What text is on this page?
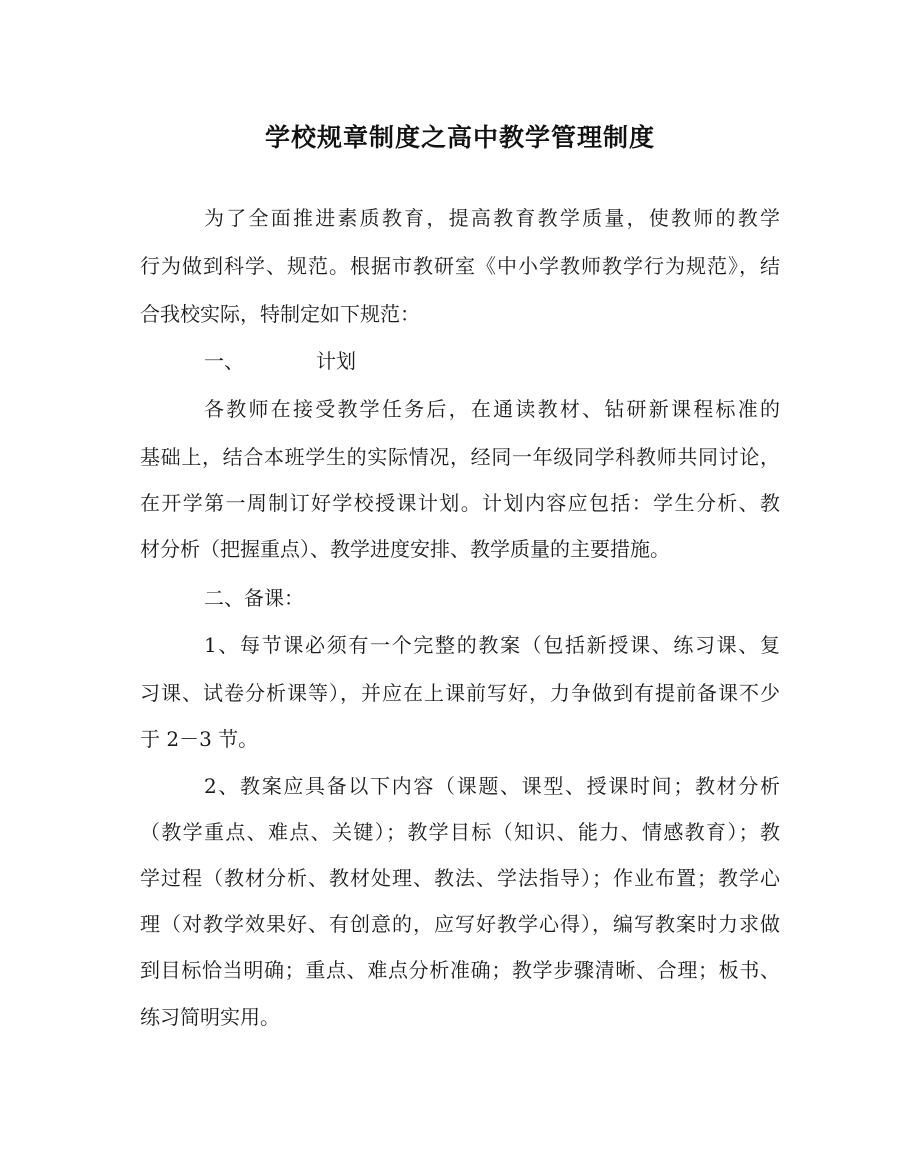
学校规章制度之高中教学管理制度
为了全面推进素质教育，提高教育教学质量，使教师的教学
行为做到科学、规范。根据市教研室《中小学教师教学行为规范》，结
合我校实际，特制定如下规范：
一、	计划
各教师在接受教学任务后，在通读教材、钻研新课程标准的
基础上，结合本班学生的实际情况，经同一年级同学科教师共同讨论，
在开学第一周制订好学校授课计划。计划内容应包括：学生分析、教
材分析（把握重点）、教学进度安排、教学质量的主要措施。
二、备课：
1、每节课必须有一个完整的教案（包括新授课、练习课、复
习课、试卷分析课等），并应在上课前写好，力争做到有提前备课不少
于 2－3 节。
2、教案应具备以下内容（课题、课型、授课时间；教材分析
（教学重点、难点、关键）；教学目标（知识、能力、情感教育）；教
学过程（教材分析、教材处理、教法、学法指导）；作业布置；教学心
理（对教学效果好、有创意的，应写好教学心得），编写教案时力求做
到目标恰当明确；重点、难点分析准确；教学步骤清晰、合理；板书、
练习简明实用。
